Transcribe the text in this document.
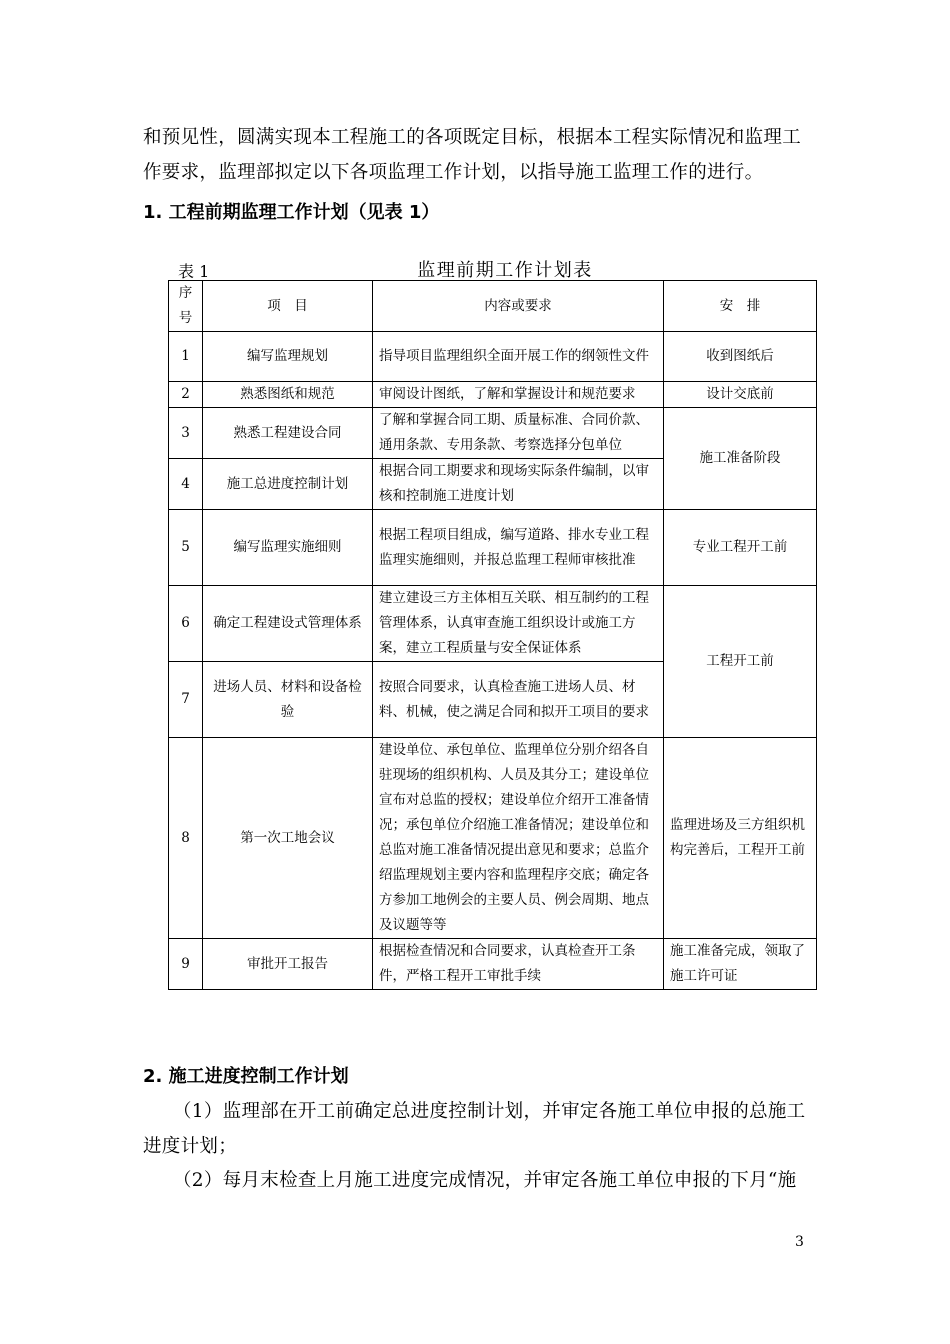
和预见性，圆满实现本工程施工的各项既定目标，根据本工程实际情况和监理工
作要求，监理部拟定以下各项监理工作计划，以指导施工监理工作的进行。
1. 工程前期监理工作计划（见表 1）
表 1	监理前期工作计划表
序号	项　目	内容或要求	安　排
1	编写监理规划	指导项目监理组织全面开展工作的纲领性文件	收到图纸后
2	熟悉图纸和规范	审阅设计图纸，了解和掌握设计和规范要求	设计交底前
3	熟悉工程建设合同	了解和掌握合同工期、质量标准、合同价款、通用条款、专用条款、考察选择分包单位	施工准备阶段
4	施工总进度控制计划	根据合同工期要求和现场实际条件编制，以审核和控制施工进度计划	
5	编写监理实施细则	根据工程项目组成，编写道路、排水专业工程监理实施细则，并报总监理工程师审核批准	专业工程开工前
6	确定工程建设式管理体系	建立建设三方主体相互关联、相互制约的工程管理体系，认真审查施工组织设计或施工方案，建立工程质量与安全保证体系	工程开工前
7	进场人员、材料和设备检验	按照合同要求，认真检查施工进场人员、材料、机械，使之满足合同和拟开工项目的要求	
8	第一次工地会议	建设单位、承包单位、监理单位分别介绍各自驻现场的组织机构、人员及其分工；建设单位宣布对总监的授权；建设单位介绍开工准备情况；承包单位介绍施工准备情况；建设单位和总监对施工准备情况提出意见和要求；总监介绍监理规划主要内容和监理程序交底；确定各方参加工地例会的主要人员、例会周期、地点及议题等等	监理进场及三方组织机构完善后，工程开工前
9	审批开工报告	根据检查情况和合同要求，认真检查开工条件，严格工程开工审批手续	施工准备完成，领取了施工许可证
2. 施工进度控制工作计划
（1）监理部在开工前确定总进度控制计划，并审定各施工单位申报的总施工
进度计划；
（2）每月末检查上月施工进度完成情况，并审定各施工单位申报的下月“施
3
